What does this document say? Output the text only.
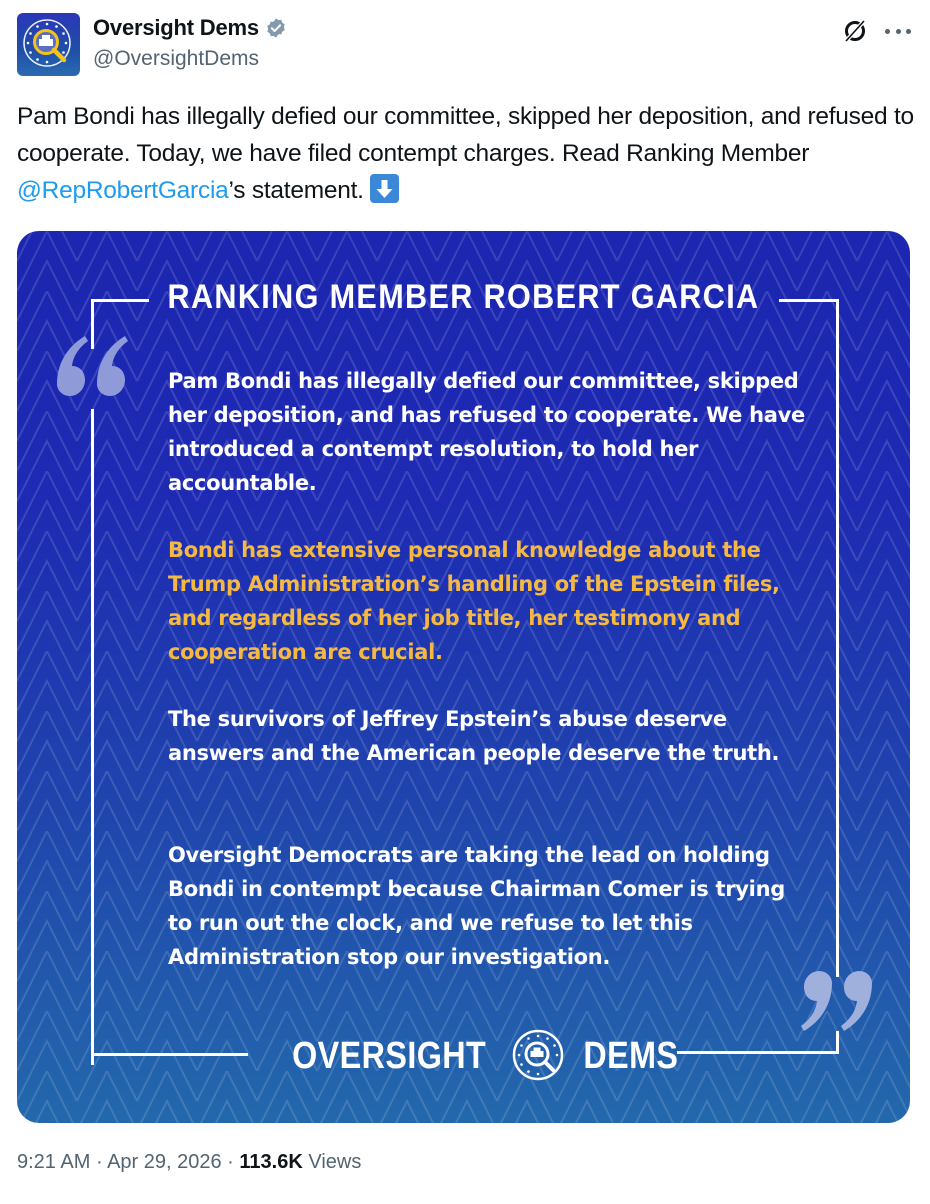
Oversight Dems
@OversightDems
Pam Bondi has illegally defied our committee, skipped her deposition, and refused to cooperate. Today, we have filed contempt charges. Read Ranking Member @RepRobertGarcia’s statement.
RANKING MEMBER ROBERT GARCIA
Pam Bondi has illegally defied our committee, skipped her deposition, and has refused to cooperate. We have introduced a contempt resolution, to hold her accountable.
Bondi has extensive personal knowledge about the Trump Administration’s handling of the Epstein files, and regardless of her job title, her testimony and cooperation are crucial.
The survivors of Jeffrey Epstein’s abuse deserve answers and the American people deserve the truth.
Oversight Democrats are taking the lead on holding Bondi in contempt because Chairman Comer is trying to run out the clock, and we refuse to let this Administration stop our investigation.
OVERSIGHT	DEMS
9:21 AM · Apr 29, 2026 · 113.6K Views
